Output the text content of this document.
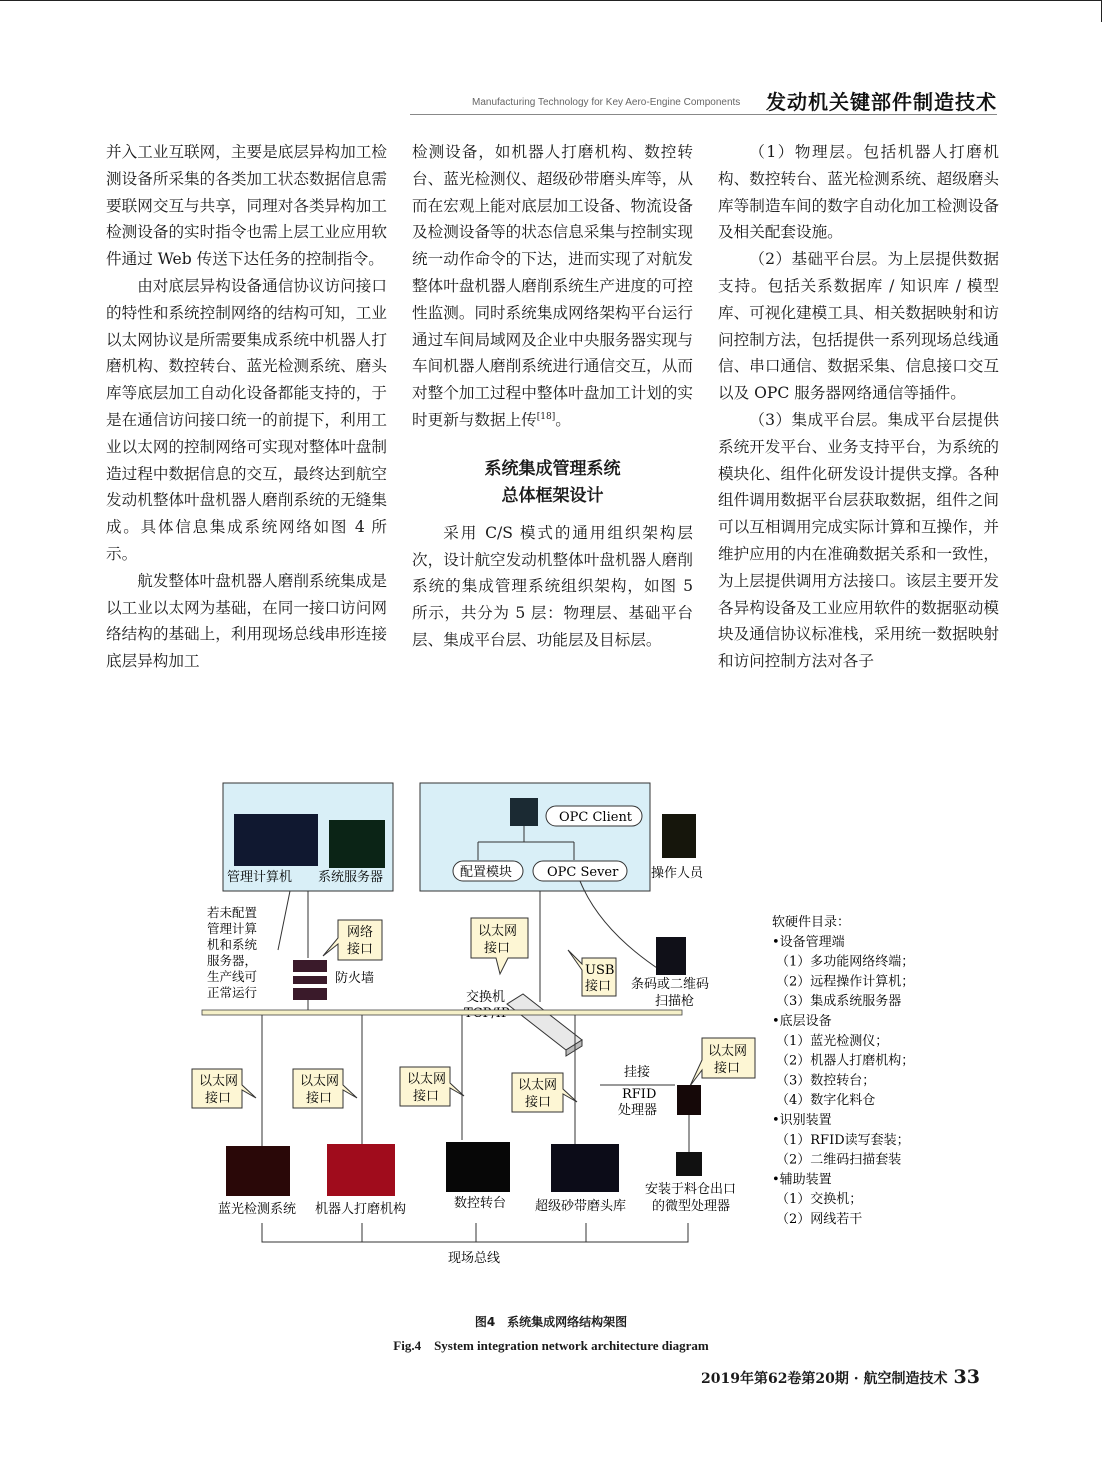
Manufacturing Technology for Key Aero-Engine Components 发动机关键部件制造技术

并入工业互联网，主要是底层异构加工检测设备所采集的各类加工状态数据信息需要联网交互与共享，同理对各类异构加工检测设备的实时指令也需上层工业应用软件通过 Web 传送下达任务的控制指令。

由对底层异构设备通信协议访问接口的特性和系统控制网络的结构可知，工业以太网协议是所需要集成系统中机器人打磨机构、数控转台、蓝光检测系统、磨头库等底层加工自动化设备都能支持的，于是在通信访问接口统一的前提下，利用工业以太网的控制网络可实现对整体叶盘制造过程中数据信息的交互，最终达到航空发动机整体叶盘机器人磨削系统的无缝集成。具体信息集成系统网络如图 4 所示。

航发整体叶盘机器人磨削系统集成是以工业以太网为基础，在同一接口访问网络结构的基础上，利用现场总线串形连接底层异构加工

检测设备，如机器人打磨机构、数控转台、蓝光检测仪、超级砂带磨头库等，从而在宏观上能对底层加工设备、物流设备及检测设备等的状态信息采集与控制实现统一动作命令的下达，进而实现了对航发整体叶盘机器人磨削系统生产进度的可控性监测。同时系统集成网络架构平台运行通过车间局域网及企业中央服务器实现与车间机器人磨削系统进行通信交互，从而对整个加工过程中整体叶盘加工计划的实时更新与数据上传[18]。

系统集成管理系统
总体框架设计

采用 C/S 模式的通用组织架构层次，设计航空发动机整体叶盘机器人磨削系统的集成管理系统组织架构，如图 5 所示，共分为 5 层：物理层、基础平台层、集成平台层、功能层及目标层。

（1）物理层。包括机器人打磨机构、数控转台、蓝光检测系统、超级磨头库等制造车间的数字自动化加工检测设备及相关配套设施。

（2）基础平台层。为上层提供数据支持。包括关系数据库 / 知识库 / 模型库、可视化建模工具、相关数据映射和访问控制方法，包括提供一系列现场总线通信、串口通信、数据采集、信息接口交互以及 OPC 服务器网络通信等插件。

（3）集成平台层。集成平台层提供系统开发平台、业务支持平台，为系统的模块化、组件化研发设计提供支撑。各种组件调用数据平台层获取数据，组件之间可以互相调用完成实际计算和互操作，并维护应用的内在准确数据关系和一致性，为上层提供调用方法接口。该层主要开发各异构设备及工业应用软件的数据驱动模块及通信协议标准栈，采用统一数据映射和访问控制方法对各子

管理计算机 系统服务器
OPC Client
配置模块	OPC Sever	操作人员
若未配置
管理计算
机和系统
服务器，
生产线可
正常运行
网络
接口
防火墙
以太网
接口
USB
接口 条码或二维码
扫描枪
交换机
以太网
接口
以太网
接口
以太网
接口
以太网
接口
以太网
接口
挂接
RFID
处理器
蓝光检测系统 机器人打磨机构	数控转台 超级砂带磨头库
安装于料仓出口
的微型处理器
现场总线
软硬件目录：
•设备管理端
（1）多功能网络终端；
（2）远程操作计算机；
（3）集成系统服务器
•底层设备
（1）蓝光检测仪；
（2）机器人打磨机构；
（3）数控转台；
（4）数字化料仓
•识别装置
（1）RFID读写套装；
（2）二维码扫描套装
•辅助装置
（1）交换机；
（2）网线若干
图4　系统集成网络结构架图
Fig.4　System integration network architecture diagram
2019年第62卷第20期 · 航空制造技术 33
